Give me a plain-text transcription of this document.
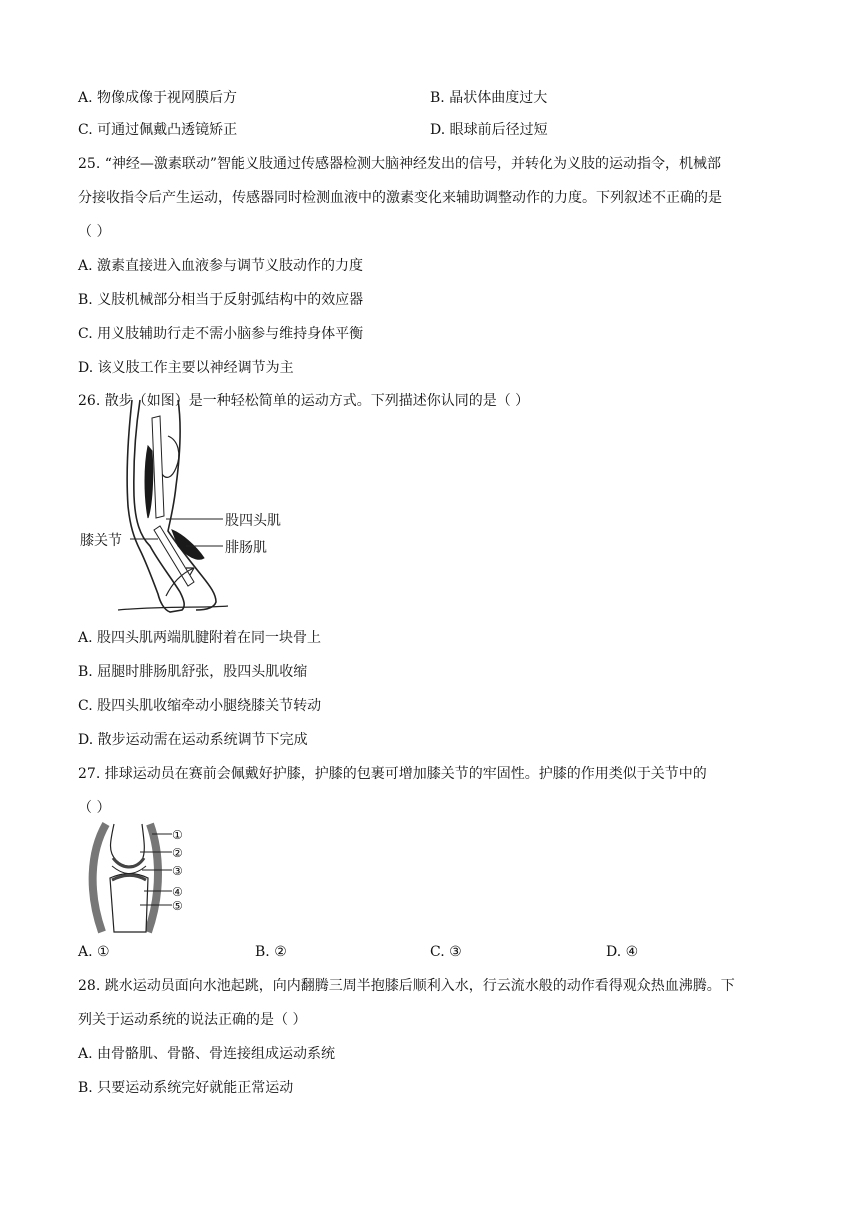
A. 物像成像于视网膜后方	B. 晶状体曲度过大
C. 可通过佩戴凸透镜矫正	D. 眼球前后径过短
25. “神经—激素联动”智能义肢通过传感器检测大脑神经发出的信号，并转化为义肢的运动指令，机械部
分接收指令后产生运动，传感器同时检测血液中的激素变化来辅助调整动作的力度。下列叙述不正确的是
（ ）
A. 激素直接进入血液参与调节义肢动作的力度
B. 义肢机械部分相当于反射弧结构中的效应器
C. 用义肢辅助行走不需小脑参与维持身体平衡
D. 该义肢工作主要以神经调节为主
26. 散步（如图）是一种轻松简单的运动方式。下列描述你认同的是（ ）
股四头肌
膝关节	腓肠肌
A. 股四头肌两端肌腱附着在同一块骨上
B. 屈腿时腓肠肌舒张，股四头肌收缩
C. 股四头肌收缩牵动小腿绕膝关节转动
D. 散步运动需在运动系统调节下完成
27. 排球运动员在赛前会佩戴好护膝，护膝的包裹可增加膝关节的牢固性。护膝的作用类似于关节中的
（ ）
①
②
③
④
⑤
A. ①	B. ②	C. ③	D. ④
28. 跳水运动员面向水池起跳，向内翻腾三周半抱膝后顺利入水，行云流水般的动作看得观众热血沸腾。下
列关于运动系统的说法正确的是（ ）
A. 由骨骼肌、骨骼、骨连接组成运动系统
B. 只要运动系统完好就能正常运动
